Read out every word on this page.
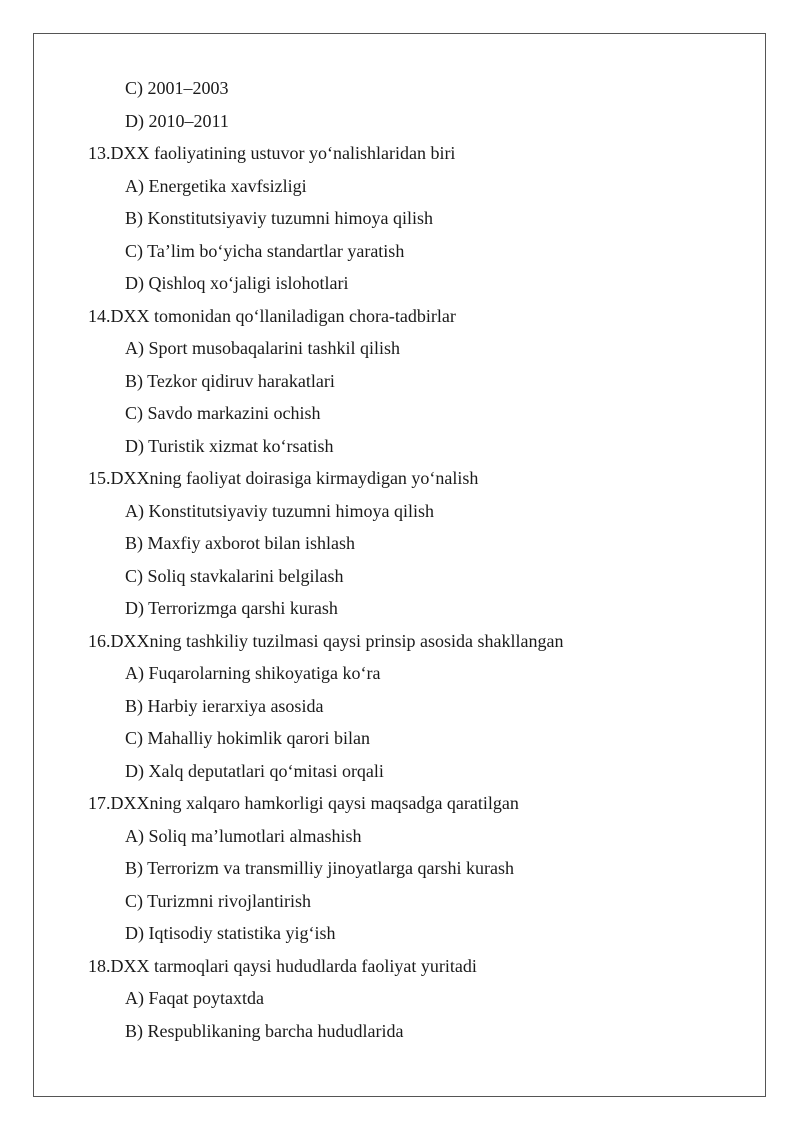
C) 2001–2003
D) 2010–2011
13.DXX faoliyatining ustuvor yo‘nalishlaridan biri
A) Energetika xavfsizligi
B) Konstitutsiyaviy tuzumni himoya qilish
C) Ta’lim bo‘yicha standartlar yaratish
D) Qishloq xo‘jaligi islohotlari
14.DXX tomonidan qo‘llaniladigan chora-tadbirlar
A) Sport musobaqalarini tashkil qilish
B) Tezkor qidiruv harakatlari
C) Savdo markazini ochish
D) Turistik xizmat ko‘rsatish
15.DXXning faoliyat doirasiga kirmaydigan yo‘nalish
A) Konstitutsiyaviy tuzumni himoya qilish
B) Maxfiy axborot bilan ishlash
C) Soliq stavkalarini belgilash
D) Terrorizmga qarshi kurash
16.DXXning tashkiliy tuzilmasi qaysi prinsip asosida shakllangan
A) Fuqarolarning shikoyatiga ko‘ra
B) Harbiy ierarxiya asosida
C) Mahalliy hokimlik qarori bilan
D) Xalq deputatlari qo‘mitasi orqali
17.DXXning xalqaro hamkorligi qaysi maqsadga qaratilgan
A) Soliq ma’lumotlari almashish
B) Terrorizm va transmilliy jinoyatlarga qarshi kurash
C) Turizmni rivojlantirish
D) Iqtisodiy statistika yig‘ish
18.DXX tarmoqlari qaysi hududlarda faoliyat yuritadi
A) Faqat poytaxtda
B) Respublikaning barcha hududlarida
